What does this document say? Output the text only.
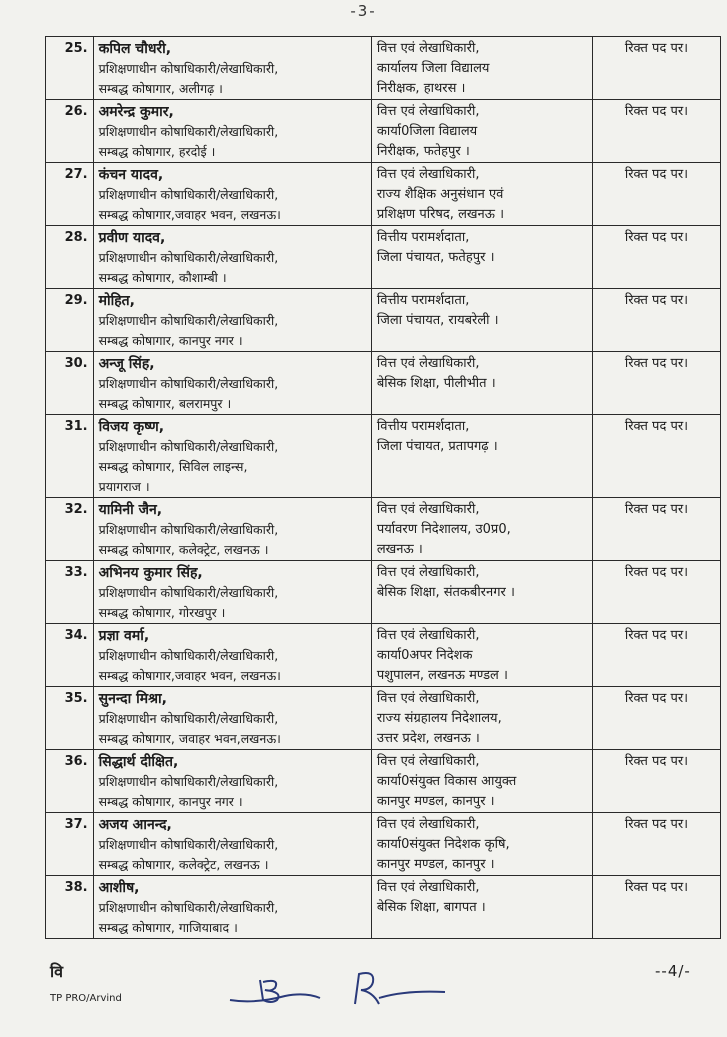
-3-
25.	कपिल चौधरी,
प्रशिक्षणाधीन कोषाधिकारी/लेखाधिकारी,
सम्बद्ध कोषागार, अलीगढ़ ।	वित्त एवं लेखाधिकारी,
कार्यालय जिला विद्यालय
निरीक्षक, हाथरस ।	रिक्त पद पर।
26.	अमरेन्द्र कुमार,
प्रशिक्षणाधीन कोषाधिकारी/लेखाधिकारी,
सम्बद्ध कोषागार, हरदोई ।	वित्त एवं लेखाधिकारी,
कार्या0जिला विद्यालय
निरीक्षक, फतेहपुर ।	रिक्त पद पर।
27.	कंचन यादव,
प्रशिक्षणाधीन कोषाधिकारी/लेखाधिकारी,
सम्बद्ध कोषागार,जवाहर भवन, लखनऊ।	वित्त एवं लेखाधिकारी,
राज्य शैक्षिक अनुसंधान एवं
प्रशिक्षण परिषद, लखनऊ ।	रिक्त पद पर।
28.	प्रवीण यादव,
प्रशिक्षणाधीन कोषाधिकारी/लेखाधिकारी,
सम्बद्ध कोषागार, कौशाम्बी ।	वित्तीय परामर्शदाता,
जिला पंचायत, फतेहपुर ।	रिक्त पद पर।
29.	मोहित,
प्रशिक्षणाधीन कोषाधिकारी/लेखाधिकारी,
सम्बद्ध कोषागार, कानपुर नगर ।	वित्तीय परामर्शदाता,
जिला पंचायत, रायबरेली ।	रिक्त पद पर।
30.	अन्जू सिंह,
प्रशिक्षणाधीन कोषाधिकारी/लेखाधिकारी,
सम्बद्ध कोषागार, बलरामपुर ।	वित्त एवं लेखाधिकारी,
बेसिक शिक्षा, पीलीभीत ।	रिक्त पद पर।
31.	विजय कृष्ण,
प्रशिक्षणाधीन कोषाधिकारी/लेखाधिकारी,
सम्बद्ध कोषागार, सिविल लाइन्स,
प्रयागराज ।	वित्तीय परामर्शदाता,
जिला पंचायत, प्रतापगढ़ ।	रिक्त पद पर।
32.	यामिनी जैन,
प्रशिक्षणाधीन कोषाधिकारी/लेखाधिकारी,
सम्बद्ध कोषागार, कलेक्ट्रेट, लखनऊ ।	वित्त एवं लेखाधिकारी,
पर्यावरण निदेशालय, उ0प्र0,
लखनऊ ।	रिक्त पद पर।
33.	अभिनय कुमार सिंह,
प्रशिक्षणाधीन कोषाधिकारी/लेखाधिकारी,
सम्बद्ध कोषागार, गोरखपुर ।	वित्त एवं लेखाधिकारी,
बेसिक शिक्षा, संतकबीरनगर ।	रिक्त पद पर।
34.	प्रज्ञा वर्मा,
प्रशिक्षणाधीन कोषाधिकारी/लेखाधिकारी,
सम्बद्ध कोषागार,जवाहर भवन, लखनऊ।	वित्त एवं लेखाधिकारी,
कार्या0अपर निदेशक
पशुपालन, लखनऊ मण्डल ।	रिक्त पद पर।
35.	सुनन्दा मिश्रा,
प्रशिक्षणाधीन कोषाधिकारी/लेखाधिकारी,
सम्बद्ध कोषागार, जवाहर भवन,लखनऊ।	वित्त एवं लेखाधिकारी,
राज्य संग्रहालय निदेशालय,
उत्तर प्रदेश, लखनऊ ।	रिक्त पद पर।
36.	सिद्धार्थ दीक्षित,
प्रशिक्षणाधीन कोषाधिकारी/लेखाधिकारी,
सम्बद्ध कोषागार, कानपुर नगर ।	वित्त एवं लेखाधिकारी,
कार्या0संयुक्त विकास आयुक्त
कानपुर मण्डल, कानपुर ।	रिक्त पद पर।
37.	अजय आनन्द,
प्रशिक्षणाधीन कोषाधिकारी/लेखाधिकारी,
सम्बद्ध कोषागार, कलेक्ट्रेट, लखनऊ ।	वित्त एवं लेखाधिकारी,
कार्या0संयुक्त निदेशक कृषि,
कानपुर मण्डल, कानपुर ।	रिक्त पद पर।
38.	आशीष,
प्रशिक्षणाधीन कोषाधिकारी/लेखाधिकारी,
सम्बद्ध कोषागार, गाजियाबाद ।	वित्त एवं लेखाधिकारी,
बेसिक शिक्षा, बागपत ।	रिक्त पद पर।
वि
TP PRO/Arvind
--4/-
